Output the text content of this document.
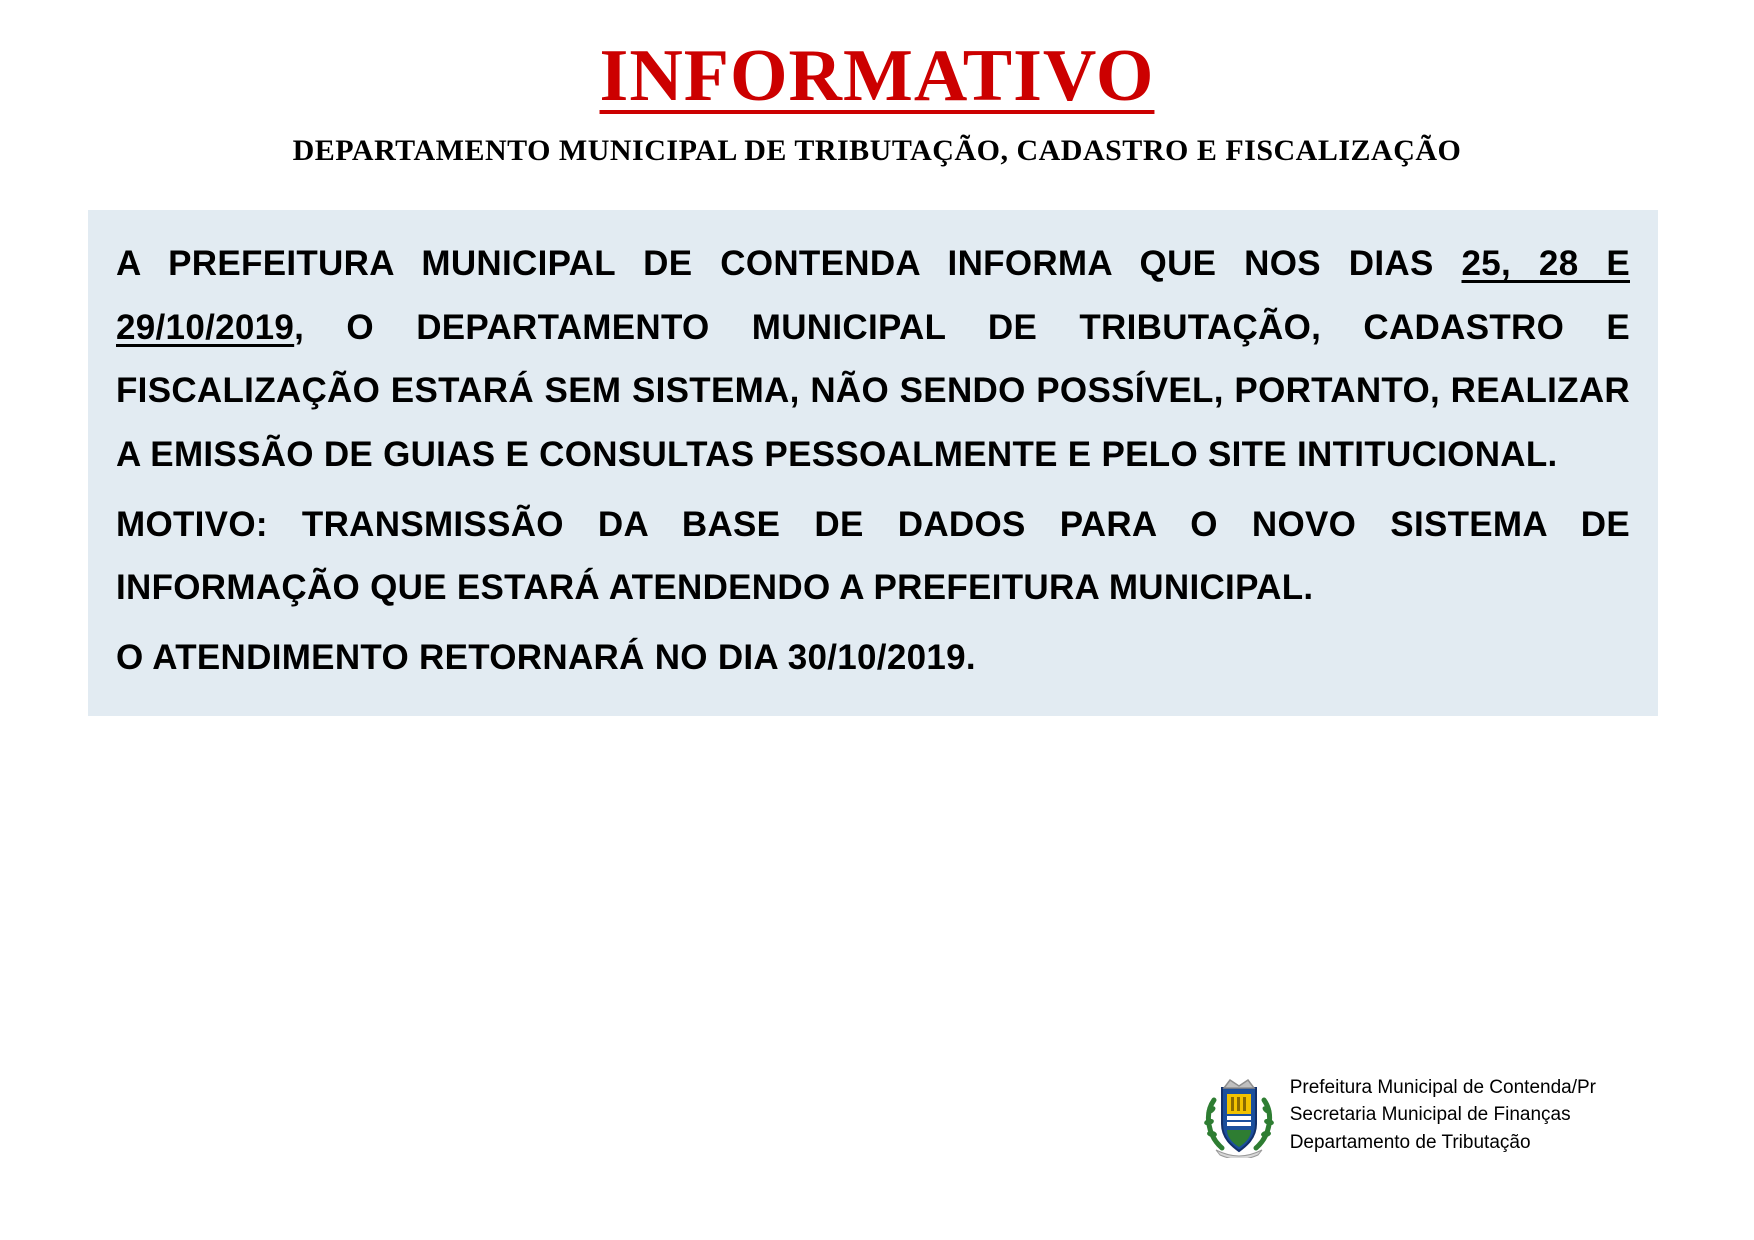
INFORMATIVO
DEPARTAMENTO MUNICIPAL DE TRIBUTAÇÃO, CADASTRO E FISCALIZAÇÃO

A PREFEITURA MUNICIPAL DE CONTENDA INFORMA QUE NOS DIAS 25, 28 E 29/10/2019, O DEPARTAMENTO MUNICIPAL DE TRIBUTAÇÃO, CADASTRO E FISCALIZAÇÃO ESTARÁ SEM SISTEMA, NÃO SENDO POSSÍVEL, PORTANTO, REALIZAR A EMISSÃO DE GUIAS E CONSULTAS PESSOALMENTE E PELO SITE INTITUCIONAL.

MOTIVO: TRANSMISSÃO DA BASE DE DADOS PARA O NOVO SISTEMA DE INFORMAÇÃO QUE ESTARÁ ATENDENDO A PREFEITURA MUNICIPAL.

O ATENDIMENTO RETORNARÁ NO DIA 30/10/2019.

Prefeitura Municipal de Contenda/Pr
Secretaria Municipal de Finanças
Departamento de Tributação
